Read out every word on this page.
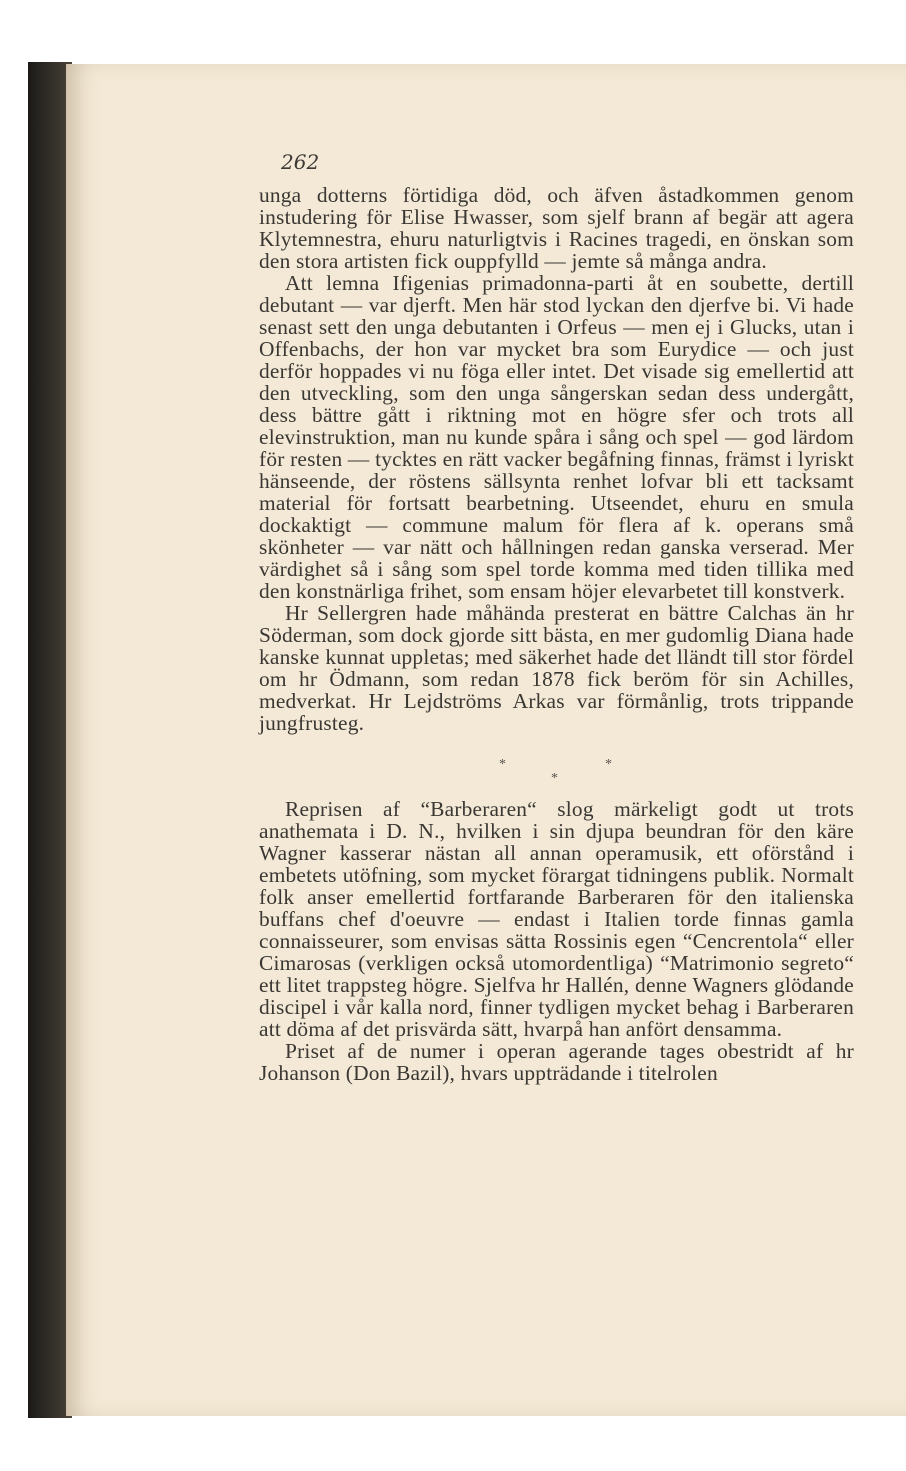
262

unga dotterns förtidiga död, och äfven åstadkommen genom instudering för Elise Hwasser, som sjelf brann af begär att agera Klytemnestra, ehuru naturligtvis i Racines tragedi, en önskan som den stora artisten fick ouppfylld — jemte så många andra.

Att lemna Ifigenias primadonna-parti åt en soubette, dertill debutant — var djerft. Men här stod lyckan den djerfve bi. Vi hade senast sett den unga debutanten i Orfeus — men ej i Glucks, utan i Offenbachs, der hon var mycket bra som Eurydice — och just derför hoppades vi nu föga eller intet. Det visade sig emellertid att den utveckling, som den unga sångerskan sedan dess undergått, dess bättre gått i riktning mot en högre sfer och trots all elevinstruktion, man nu kunde spåra i sång och spel — god lärdom för resten — tycktes en rätt vacker begåfning finnas, främst i lyriskt hänseende, der röstens sällsynta renhet lofvar bli ett tacksamt material för fortsatt bearbetning. Utseendet, ehuru en smula dockaktigt — commune malum för flera af k. operans små skönheter — var nätt och hållningen redan ganska verserad. Mer värdighet så i sång som spel torde komma med tiden tillika med den konstnärliga frihet, som ensam höjer elevarbetet till konstverk.

Hr Sellergren hade måhända presterat en bättre Calchas än hr Söderman, som dock gjorde sitt bästa, en mer gudomlig Diana hade kanske kunnat uppletas; med säkerhet hade det lländt till stor fördel om hr Ödmann, som redan 1878 fick beröm för sin Achilles, medverkat. Hr Lejdströms Arkas var förmånlig, trots trippande jungfrusteg.

*
*
*

Reprisen af “Barberaren“ slog märkeligt godt ut trots anathemata i D. N., hvilken i sin djupa beundran för den käre Wagner kasserar nästan all annan operamusik, ett oförstånd i embetets utöfning, som mycket förargat tidningens publik. Normalt folk anser emellertid fortfarande Barberaren för den italienska buffans chef d'oeuvre — endast i Italien torde finnas gamla connaisseurer, som envisas sätta Rossinis egen “Cencrentola“ eller Cimarosas (verkligen också utomordentliga) “Matrimonio segreto“ ett litet trappsteg högre. Sjelfva hr Hallén, denne Wagners glödande discipel i vår kalla nord, finner tydligen mycket behag i Barberaren att döma af det prisvärda sätt, hvarpå han anfört densamma.

Priset af de numer i operan agerande tages obestridt af hr Johanson (Don Bazil), hvars uppträdande i titelrolen
